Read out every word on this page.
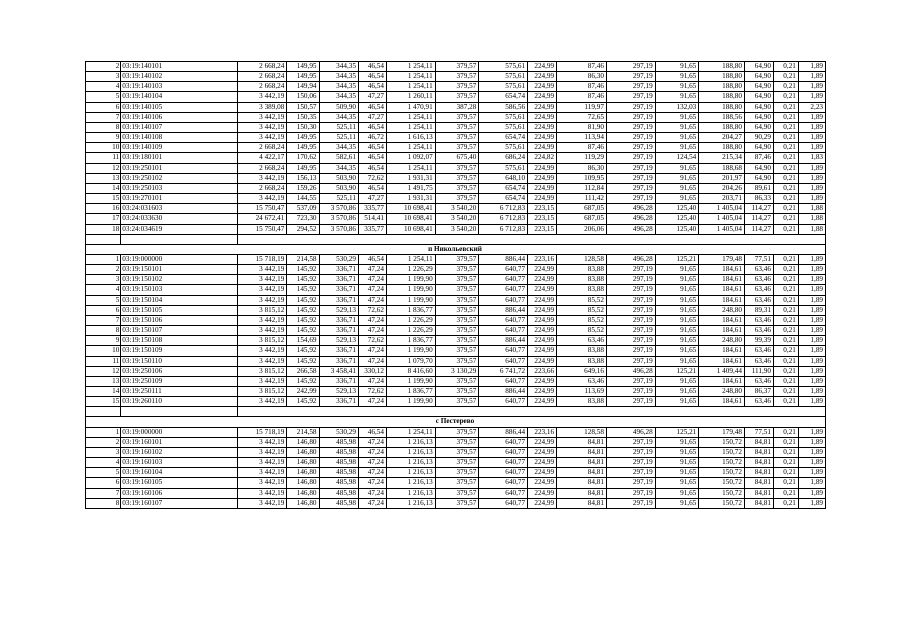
2	03:19:140101	2 668,24	149,95	344,35	46,54	1 254,11	379,57	575,61	224,99	87,46	297,19	91,65	188,80	64,90	0,21	1,89
3	03:19:140102	2 668,24	149,95	344,35	46,54	1 254,11	379,57	575,61	224,99	86,30	297,19	91,65	188,80	64,90	0,21	1,89
4	03:19:140103	2 668,24	149,94	344,35	46,54	1 254,11	379,57	575,61	224,99	87,46	297,19	91,65	188,80	64,90	0,21	1,89
5	03:19:140104	3 442,19	150,06	344,35	47,27	1 260,11	379,57	654,74	224,99	87,46	297,19	91,65	188,80	64,90	0,21	1,89
6	03:19:140105	3 389,08	150,57	509,90	46,54	1 470,91	387,28	586,56	224,99	119,97	297,19	132,03	188,80	64,90	0,21	2,23
7	03:19:140106	3 442,19	150,35	344,35	47,27	1 254,11	379,57	575,61	224,99	72,65	297,19	91,65	188,56	64,90	0,21	1,89
8	03:19:140107	3 442,19	150,30	525,11	46,54	1 254,11	379,57	575,61	224,99	81,90	297,19	91,65	188,80	64,90	0,21	1,89
9	03:19:140108	3 442,19	149,95	525,11	46,72	1 616,13	379,57	654,74	224,99	113,94	297,19	91,65	204,27	90,29	0,21	1,89
10	03:19:140109	2 668,24	149,95	344,35	46,54	1 254,11	379,57	575,61	224,99	87,46	297,19	91,65	188,80	64,90	0,21	1,89
11	03:19:180101	4 422,17	170,62	582,61	46,54	1 092,07	675,40	686,24	224,82	119,29	297,19	124,54	215,34	87,46	0,21	1,83
12	03:19:250101	2 668,24	149,95	344,35	46,54	1 254,11	379,57	575,61	224,99	86,30	297,19	91,65	188,68	64,90	0,21	1,89
13	03:19:250102	3 442,19	156,13	503,90	72,62	1 931,31	379,57	648,10	224,99	109,95	297,19	91,65	201,97	64,90	0,21	1,89
14	03:19:250103	2 668,24	159,26	503,90	46,54	1 491,75	379,57	654,74	224,99	112,84	297,19	91,65	204,26	89,61	0,21	1,89
15	03:19:270101	3 442,19	144,55	525,11	47,27	1 931,31	379,57	654,74	224,99	111,42	297,19	91,65	203,71	86,33	0,21	1,89
16	03:24:031603	15 750,47	537,09	3 570,86	335,77	10 698,41	3 540,20	6 712,83	223,15	687,05	496,28	125,40	1 405,04	114,27	0,21	1,88
17	03:24:033630	24 672,41	723,30	3 570,86	514,41	10 698,41	3 540,20	6 712,83	223,15	687,05	496,28	125,40	1 405,04	114,27	0,21	1,88
18	03:24:034619	15 750,47	294,52	3 570,86	335,77	10 698,41	3 540,20	6 712,83	223,15	206,06	496,28	125,40	1 405,04	114,27	0,21	1,88

п Никольевский																
1	03:19:000000	15 718,19	214,58	530,29	46,54	1 254,11	379,57	886,44	223,16	128,58	496,28	125,21	179,48	77,51	0,21	1,89
2	03:19:150101	3 442,19	145,92	336,71	47,24	1 226,29	379,57	640,77	224,99	83,88	297,19	91,65	184,61	63,46	0,21	1,89
3	03:19:150102	3 442,19	145,92	336,71	47,24	1 199,90	379,57	640,77	224,99	83,88	297,19	91,65	184,61	63,46	0,21	1,89
4	03:19:150103	3 442,19	145,92	336,71	47,24	1 199,90	379,57	640,77	224,99	83,88	297,19	91,65	184,61	63,46	0,21	1,89
5	03:19:150104	3 442,19	145,92	336,71	47,24	1 199,90	379,57	640,77	224,99	85,52	297,19	91,65	184,61	63,46	0,21	1,89
6	03:19:150105	3 815,12	145,92	529,13	72,62	1 836,77	379,57	886,44	224,99	85,52	297,19	91,65	248,80	89,31	0,21	1,89
7	03:19:150106	3 442,19	145,92	336,71	47,24	1 226,29	379,57	640,77	224,99	85,52	297,19	91,65	184,61	63,46	0,21	1,89
8	03:19:150107	3 442,19	145,92	336,71	47,24	1 226,29	379,57	640,77	224,99	85,52	297,19	91,65	184,61	63,46	0,21	1,89
9	03:19:150108	3 815,12	154,69	529,13	72,62	1 836,77	379,57	886,44	224,99	63,46	297,19	91,65	248,80	99,39	0,21	1,89
10	03:19:150109	3 442,19	145,92	336,71	47,24	1 199,90	379,57	640,77	224,99	83,88	297,19	91,65	184,61	63,46	0,21	1,89
11	03:19:150110	3 442,19	145,92	336,71	47,24	1 079,70	379,57	640,77	224,99	83,88	297,19	91,65	184,61	63,46	0,21	1,89
12	03:19:250106	3 815,12	266,58	3 458,41	330,12	8 416,60	3 130,29	6 741,72	223,66	649,16	496,28	125,21	1 409,44	111,90	0,21	1,89
13	03:19:250109	3 442,19	145,92	336,71	47,24	1 199,90	379,57	640,77	224,99	63,46	297,19	91,65	184,61	63,46	0,21	1,89
14	03:19:250111	3 815,12	242,99	529,13	72,62	1 836,77	379,57	886,44	224,99	113,69	297,19	91,65	248,80	86,37	0,21	1,89
15	03:19:260110	3 442,19	145,92	336,71	47,24	1 199,90	379,57	640,77	224,99	83,88	297,19	91,65	184,61	63,46	0,21	1,89

с Пестерево																
1	03:19:000000	15 718,19	214,58	530,29	46,54	1 254,11	379,57	886,44	223,16	128,58	496,28	125,21	179,48	77,51	0,21	1,89
2	03:19:160101	3 442,19	146,80	485,98	47,24	1 216,13	379,57	640,77	224,99	84,81	297,19	91,65	150,72	84,81	0,21	1,89
3	03:19:160102	3 442,19	146,80	485,98	47,24	1 216,13	379,57	640,77	224,99	84,81	297,19	91,65	150,72	84,81	0,21	1,89
4	03:19:160103	3 442,19	146,80	485,98	47,24	1 216,13	379,57	640,77	224,99	84,81	297,19	91,65	150,72	84,81	0,21	1,89
5	03:19:160104	3 442,19	146,80	485,98	47,24	1 216,13	379,57	640,77	224,99	84,81	297,19	91,65	150,72	84,81	0,21	1,89
6	03:19:160105	3 442,19	146,80	485,98	47,24	1 216,13	379,57	640,77	224,99	84,81	297,19	91,65	150,72	84,81	0,21	1,89
7	03:19:160106	3 442,19	146,80	485,98	47,24	1 216,13	379,57	640,77	224,99	84,81	297,19	91,65	150,72	84,81	0,21	1,89
8	03:19:160107	3 442,19	146,80	485,98	47,24	1 216,13	379,57	640,77	224,99	84,81	297,19	91,65	150,72	84,81	0,21	1,89
